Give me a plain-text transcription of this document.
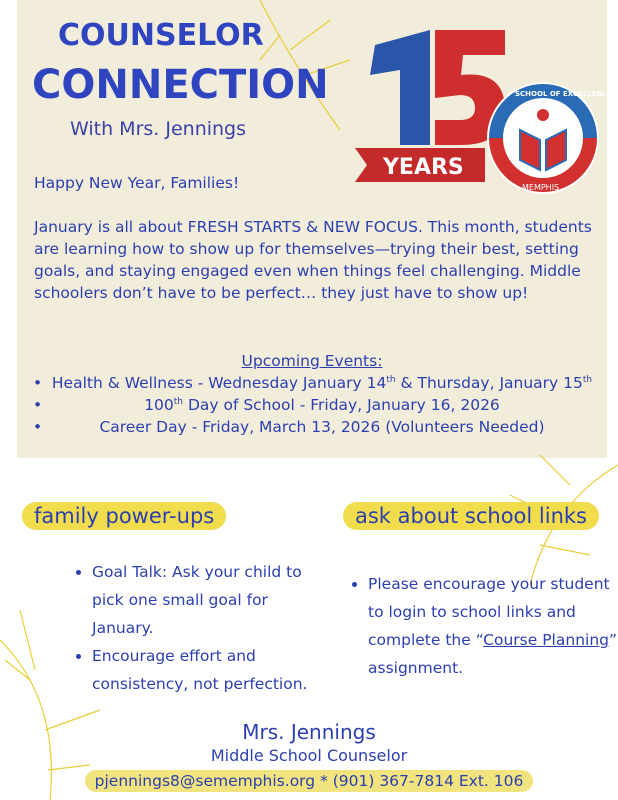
COUNSELOR
CONNECTION
With Mrs. Jennings
YEARS
SCHOOL OF EXCELLENCE
MEMPHIS
Happy New Year, Families!
January is all about FRESH STARTS & NEW FOCUS. This month, students are learning how to show up for themselves—trying their best, setting goals, and staying engaged even when things feel challenging. Middle schoolers don’t have to be perfect… they just have to show up!
Upcoming Events:
• Health & Wellness - Wednesday January 14th & Thursday, January 15th
• 100th Day of School - Friday, January 16, 2026
• Career Day - Friday, March 13, 2026 (Volunteers Needed)
family power-ups
• Goal Talk: Ask your child to pick one small goal for January.
• Encourage effort and consistency, not perfection.
ask about school links
• Please encourage your student to login to school links and complete the “Course Planning” assignment.
Mrs. Jennings
Middle School Counselor
pjennings8@sememphis.org * (901) 367-7814 Ext. 106
